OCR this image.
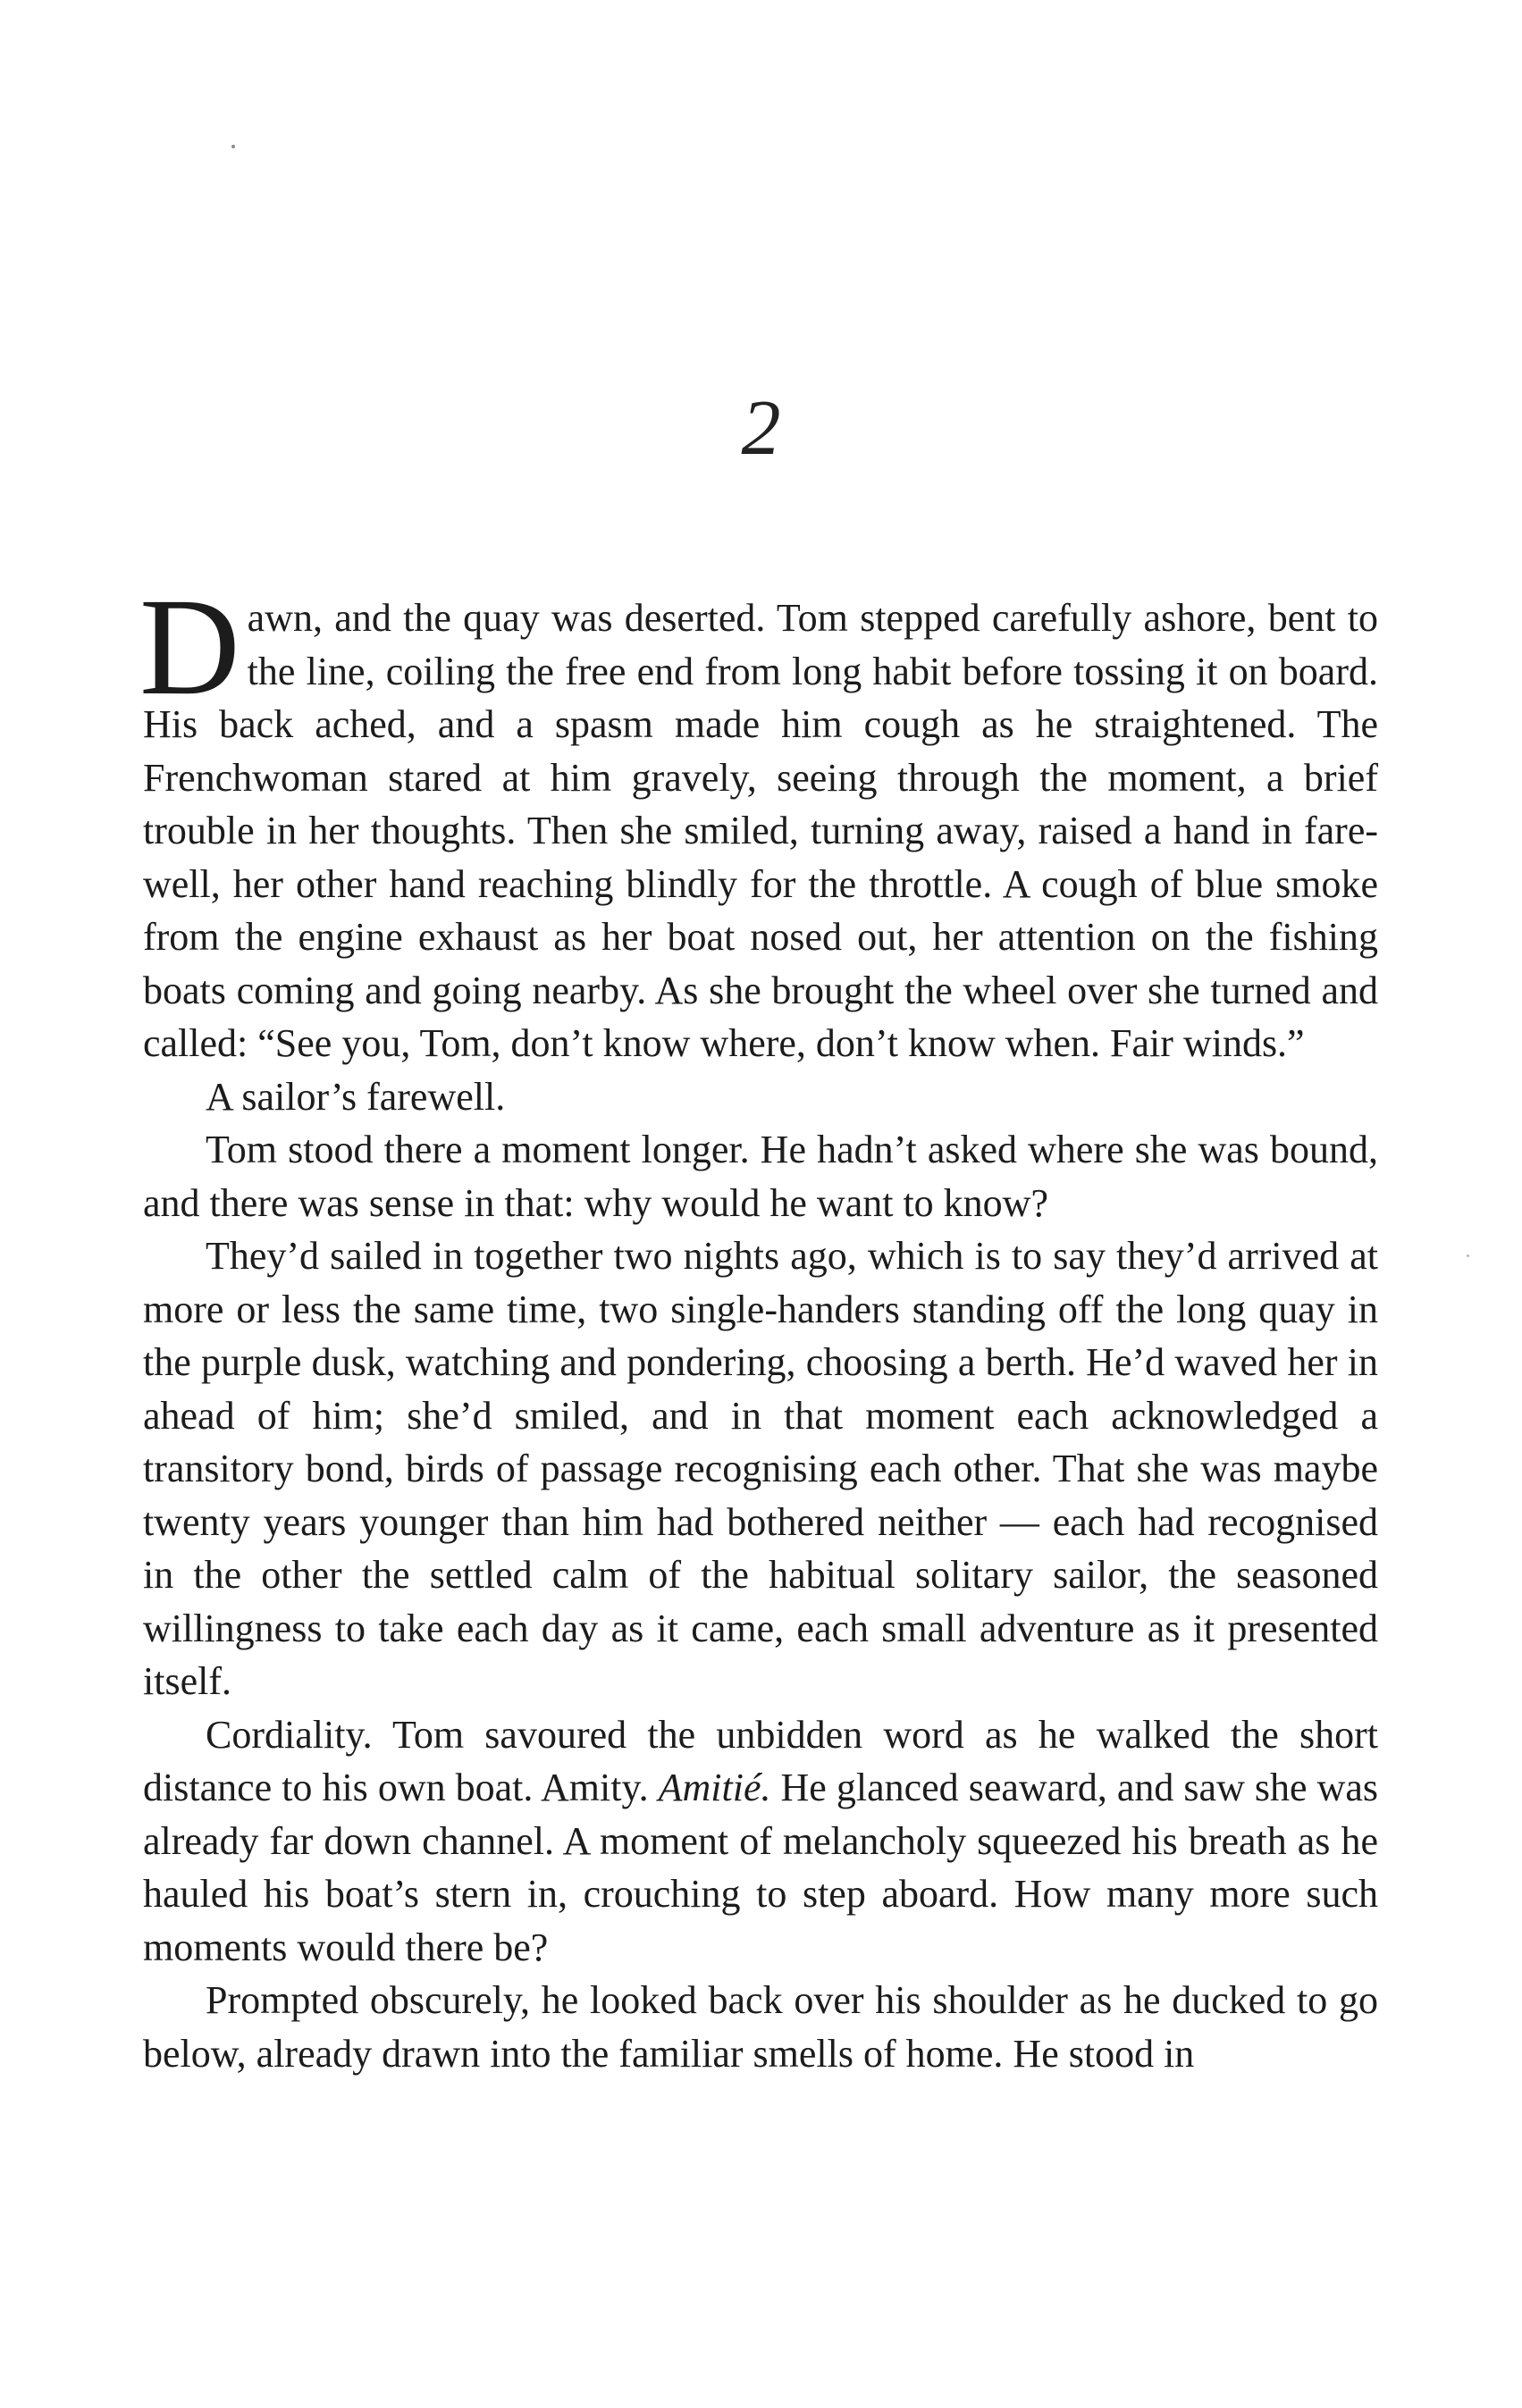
2

Dawn, and the quay was deserted. Tom stepped carefully ashore, bent to the line, coiling the free end from long habit before tossing it on board. His back ached, and a spasm made him cough as he straightened. The Frenchwoman stared at him gravely, seeing through the moment, a brief trouble in her thoughts. Then she smiled, turning away, raised a hand in farewell, her other hand reaching blindly for the throttle. A cough of blue smoke from the engine exhaust as her boat nosed out, her attention on the fishing boats coming and going nearby. As she brought the wheel over she turned and called: “See you, Tom, don’t know where, don’t know when. Fair winds.”

A sailor’s farewell.

Tom stood there a moment longer. He hadn’t asked where she was bound, and there was sense in that: why would he want to know?

They’d sailed in together two nights ago, which is to say they’d arrived at more or less the same time, two single-handers standing off the long quay in the purple dusk, watching and pondering, choosing a berth. He’d waved her in ahead of him; she’d smiled, and in that moment each acknowledged a transitory bond, birds of passage recognising each other. That she was maybe twenty years younger than him had bothered neither — each had recognised in the other the settled calm of the habitual solitary sailor, the seasoned willingness to take each day as it came, each small adventure as it presented itself.

Cordiality. Tom savoured the unbidden word as he walked the short distance to his own boat. Amity. Amitié. He glanced seaward, and saw she was already far down channel. A moment of melancholy squeezed his breath as he hauled his boat’s stern in, crouching to step aboard. How many more such moments would there be?

Prompted obscurely, he looked back over his shoulder as he ducked to go below, already drawn into the familiar smells of home. He stood in
